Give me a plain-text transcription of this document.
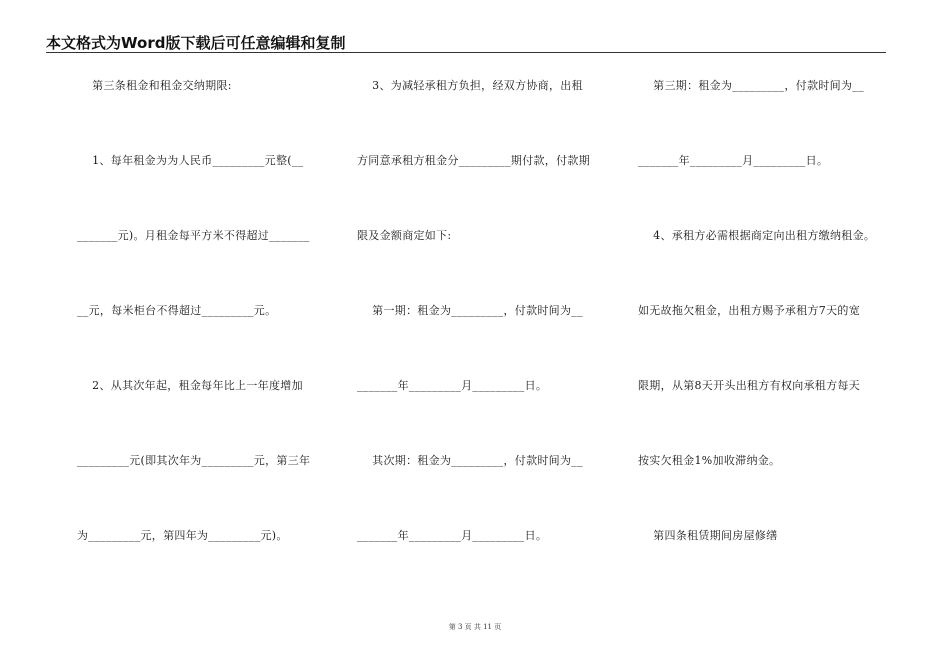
本文格式为Word版下载后可任意编辑和复制
第三条租金和租金交纳期限:
1、每年租金为为人民币_________元整(__
_______元)。月租金每平方米不得超过_______
__元，每米柜台不得超过_________元。
2、从其次年起，租金每年比上一年度增加
_________元(即其次年为_________元，第三年
为_________元，第四年为_________元)。
3、为减轻承租方负担，经双方协商，出租
方同意承租方租金分_________期付款，付款期
限及金额商定如下:
第一期：租金为_________，付款时间为__
_______年_________月_________日。
其次期：租金为_________，付款时间为__
_______年_________月_________日。
第三期：租金为_________，付款时间为__
_______年_________月_________日。
4、承租方必需根据商定向出租方缴纳租金。
如无故拖欠租金，出租方赐予承租方7天的宽
限期，从第8天开头出租方有权向承租方每天
按实欠租金1%加收滞纳金。
第四条租赁期间房屋修缮
第 3 页 共 11 页
